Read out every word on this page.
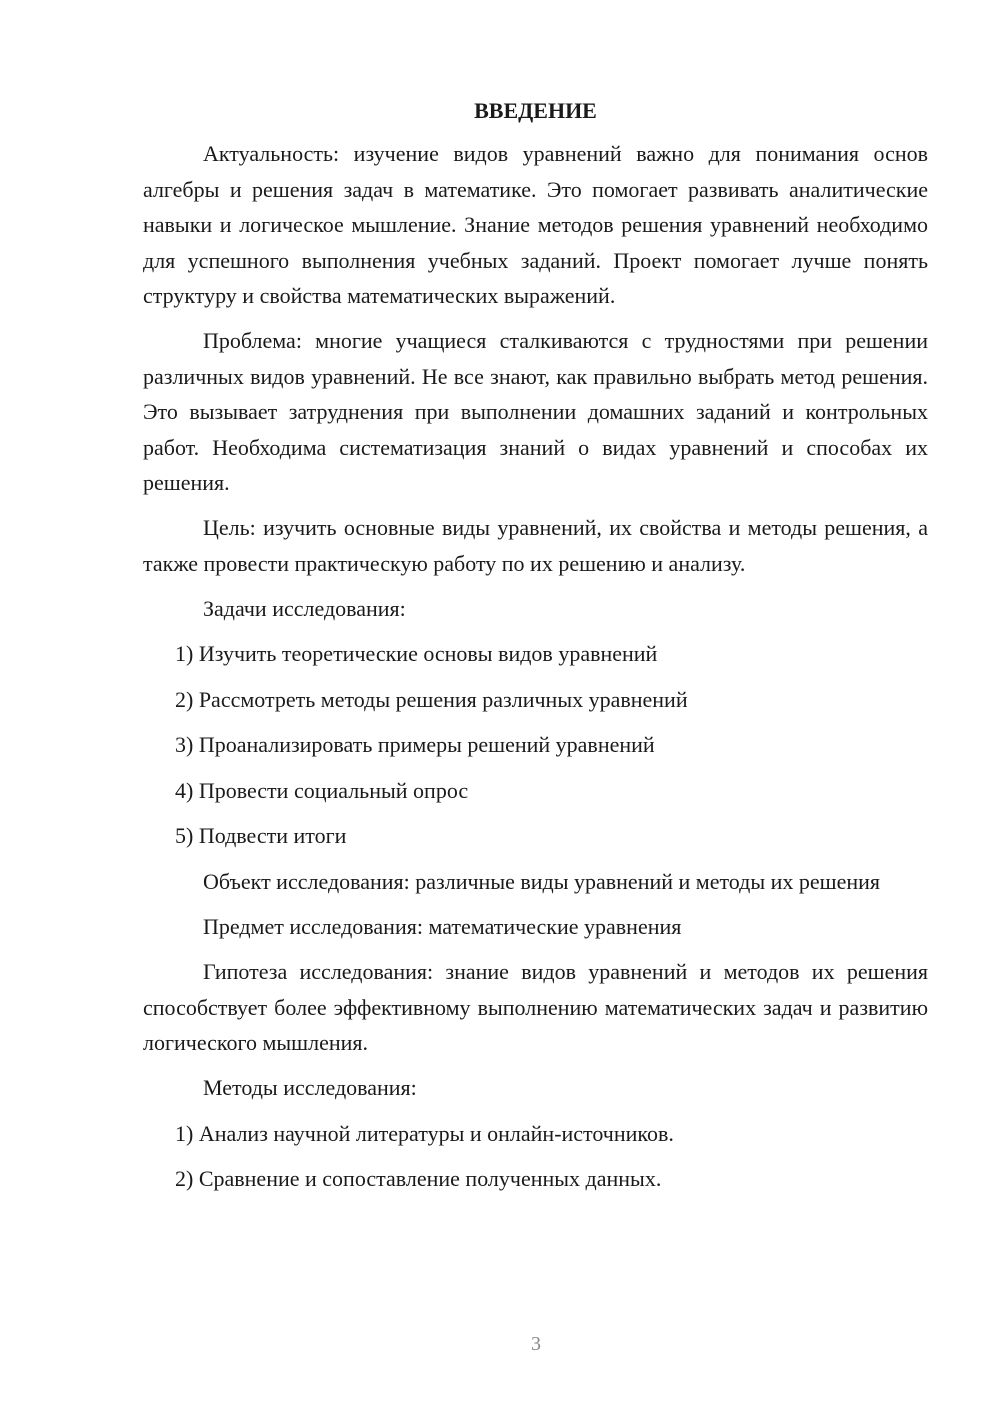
ВВЕДЕНИЕ

Актуальность: изучение видов уравнений важно для понимания основ алгебры и решения задач в математике. Это помогает развивать аналитические навыки и логическое мышление. Знание методов решения уравнений необходимо для успешного выполнения учебных заданий. Проект помогает лучше понять структуру и свойства математических выражений.

Проблема: многие учащиеся сталкиваются с трудностями при решении различных видов уравнений. Не все знают, как правильно выбрать метод решения. Это вызывает затруднения при выполнении домашних заданий и контрольных работ. Необходима систематизация знаний о видах уравнений и способах их решения.

Цель: изучить основные виды уравнений, их свойства и методы решения, а также провести практическую работу по их решению и анализу.

Задачи исследования:

1) Изучить теоретические основы видов уравнений
2) Рассмотреть методы решения различных уравнений
3) Проанализировать примеры решений уравнений
4) Провести социальный опрос
5) Подвести итоги

Объект исследования: различные виды уравнений и методы их решения

Предмет исследования: математические уравнения

Гипотеза исследования: знание видов уравнений и методов их решения способствует более эффективному выполнению математических задач и развитию логического мышления.

Методы исследования:

1) Анализ научной литературы и онлайн-источников.
2) Сравнение и сопоставление полученных данных.
3
